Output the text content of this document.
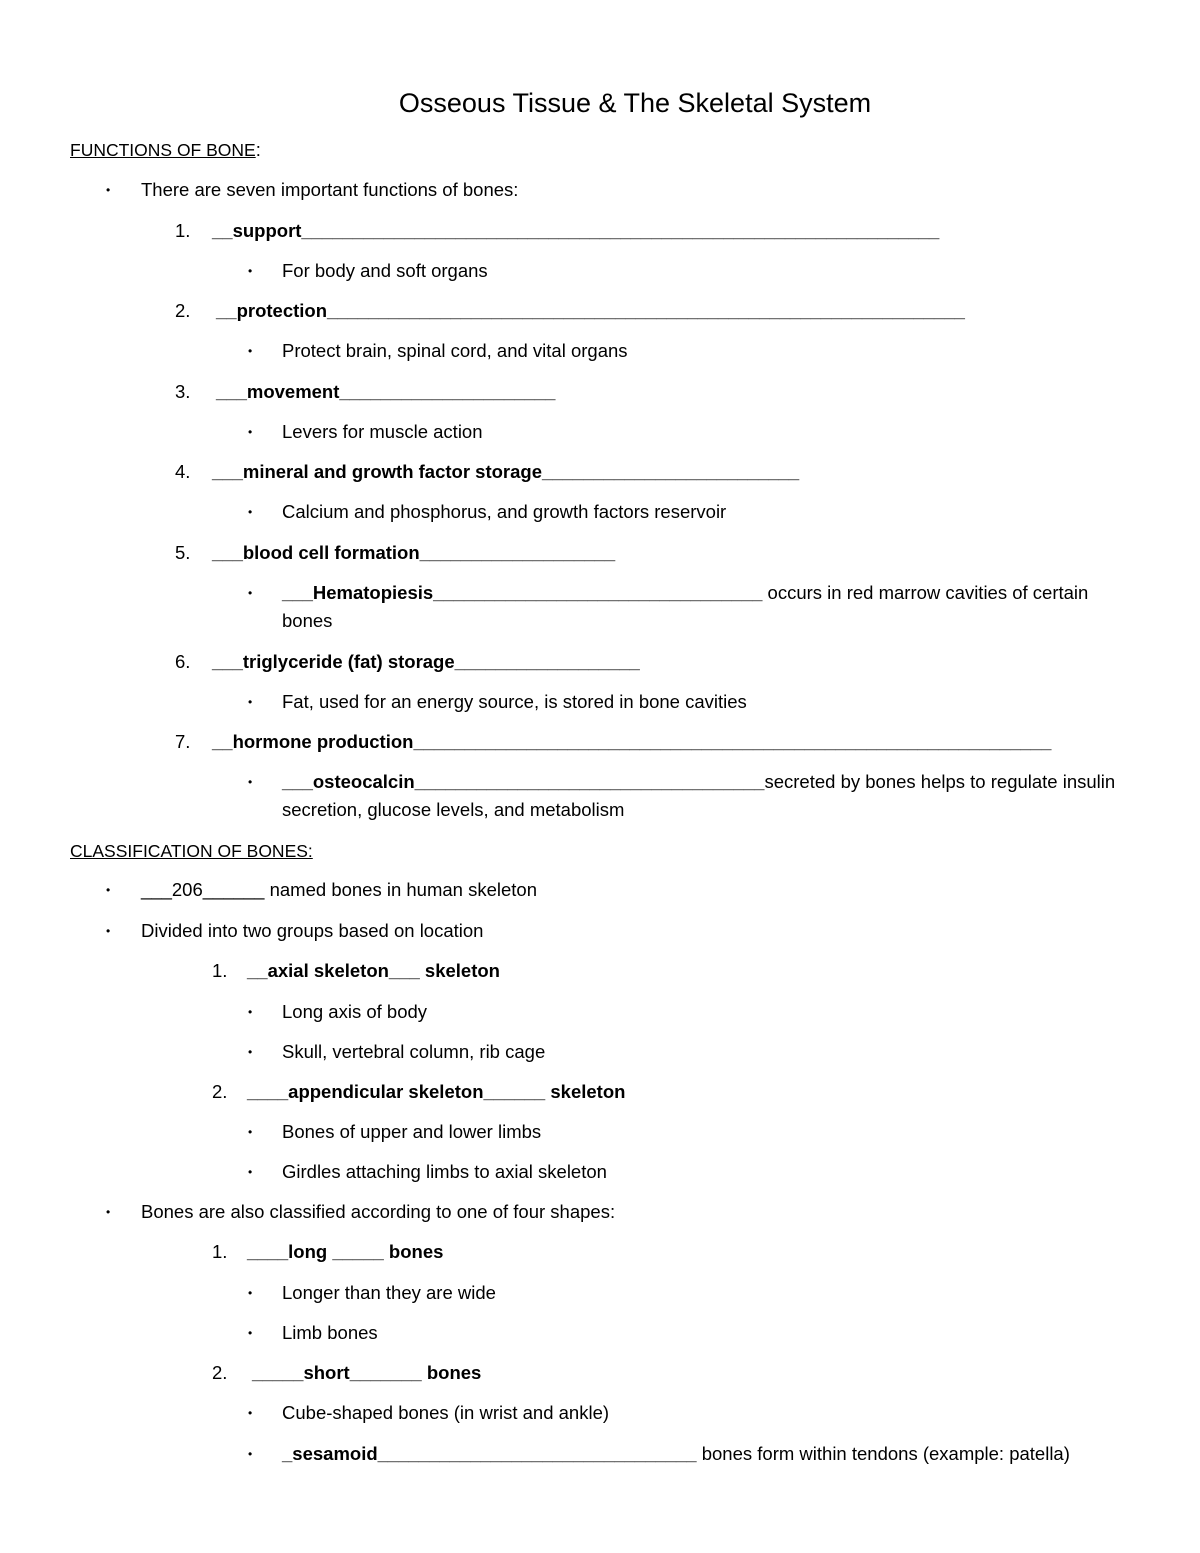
Osseous Tissue & The Skeletal System
FUNCTIONS OF BONE:
• There are seven important functions of bones:
1. __support______________________________________________________________
• For body and soft organs
2. __protection______________________________________________________________
• Protect brain, spinal cord, and vital organs
3. ___movement_____________________
• Levers for muscle action
4. ___mineral and growth factor storage_________________________
• Calcium and phosphorus, and growth factors reservoir
5. ___blood cell formation___________________
• ___Hematopiesis________________________________ occurs in red marrow cavities of certain
bones
6. ___triglyceride (fat) storage__________________
• Fat, used for an energy source, is stored in bone cavities
7. __hormone production______________________________________________________________
• ___osteocalcin__________________________________secreted by bones helps to regulate insulin
secretion, glucose levels, and metabolism
CLASSIFICATION OF BONES:
• ___206______ named bones in human skeleton
• Divided into two groups based on location
1. __axial skeleton___ skeleton
• Long axis of body
• Skull, vertebral column, rib cage
2. ____appendicular skeleton______ skeleton
• Bones of upper and lower limbs
• Girdles attaching limbs to axial skeleton
• Bones are also classified according to one of four shapes:
1. ____long _____ bones
• Longer than they are wide
• Limb bones
2. _____short_______ bones
• Cube-shaped bones (in wrist and ankle)
• _sesamoid_______________________________ bones form within tendons (example: patella)
